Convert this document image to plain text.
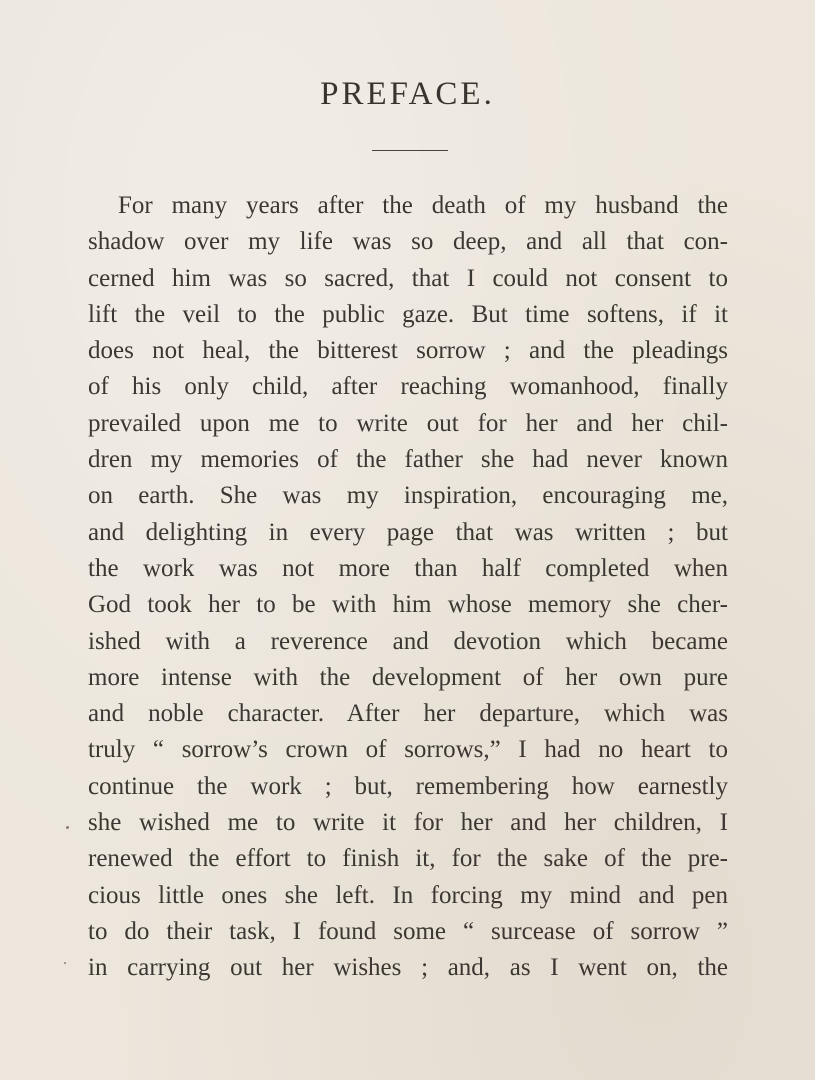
PREFACE.
For many years after the death of my husband the
shadow over my life was so deep, and all that con-
cerned him was so sacred, that I could not consent to
lift the veil to the public gaze. But time softens, if it
does not heal, the bitterest sorrow ; and the pleadings
of his only child, after reaching womanhood, finally
prevailed upon me to write out for her and her chil-
dren my memories of the father she had never known
on earth. She was my inspiration, encouraging me,
and delighting in every page that was written ; but
the work was not more than half completed when
God took her to be with him whose memory she cher-
ished with a reverence and devotion which became
more intense with the development of her own pure
and noble character. After her departure, which was
truly “ sorrow’s crown of sorrows,” I had no heart to
continue the work ; but, remembering how earnestly
she wished me to write it for her and her children, I
renewed the effort to finish it, for the sake of the pre-
cious little ones she left. In forcing my mind and pen
to do their task, I found some “ surcease of sorrow ”
in carrying out her wishes ; and, as I went on, the
